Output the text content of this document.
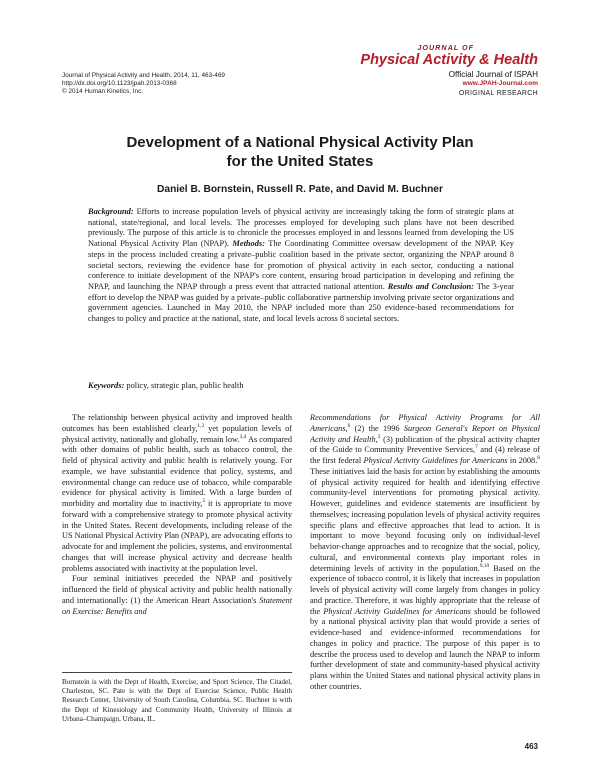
Journal of Physical Activity and Health, 2014, 11, 463-469
http://dx.doi.org/10.1123/jpah.2013-0368
© 2014 Human Kinetics, Inc.
JOURNAL OF
Physical Activity & Health
Official Journal of ISPAH
www.JPAH-Journal.com
ORIGINAL RESEARCH
Development of a National Physical Activity Plan
for the United States
Daniel B. Bornstein, Russell R. Pate, and David M. Buchner
Background: Efforts to increase population levels of physical activity are increasingly taking the form of strategic plans at national, state/regional, and local levels. The processes employed for developing such plans have not been described previously. The purpose of this article is to chronicle the processes employed in and lessons learned from developing the US National Physical Activity Plan (NPAP). Methods: The Coordinating Committee oversaw development of the NPAP. Key steps in the process included creating a private–public coalition based in the private sector, organizing the NPAP around 8 societal sectors, reviewing the evidence base for promotion of physical activity in each sector, conducting a national conference to initiate development of the NPAP's core content, ensuring broad participation in developing and refining the NPAP, and launching the NPAP through a press event that attracted national attention. Results and Conclusion: The 3-year effort to develop the NPAP was guided by a private–public collaborative partnership involving private sector organizations and government agencies. Launched in May 2010, the NPAP included more than 250 evidence-based recommendations for changes to policy and practice at the national, state, and local levels across 8 societal sectors.
Keywords: policy, strategic plan, public health

The relationship between physical activity and improved health outcomes has been established clearly,$^{1,2}$ yet population levels of physical activity, nationally and globally, remain low.$^{3,4}$ As compared with other domains of public health, such as tobacco control, the field of physical activity and public health is relatively young. For example, we have substantial evidence that policy, systems, and environmental change can reduce use of tobacco, while comparable evidence for physical activity is limited. With a large burden of morbidity and mortality due to inactivity,$^5$ it is appropriate to move forward with a comprehensive strategy to promote physical activity in the United States. Recent developments, including release of the US National Physical Activity Plan (NPAP), are advocating efforts to advocate for and implement the policies, systems, and environmental changes that will increase physical activity and decrease health problems associated with inactivity at the population level.

Four seminal initiatives preceded the NPAP and positively influenced the field of physical activity and public health nationally and internationally: (1) the American Heart Association's Statement on Exercise: Benefits and

Bornstein is with the Dept of Health, Exercise, and Sport Science, The Citadel, Charleston, SC. Pate is with the Dept of Exercise Science, Public Health Research Center, University of South Carolina, Columbia, SC. Buchner is with the Dept of Kinesiology and Community Health, University of Illinois at Urbana–Champaign, Urbana, IL.

Recommendations for Physical Activity Programs for All Americans,$^6$ (2) the 1996 Surgeon General's Report on Physical Activity and Health,$^2$ (3) publication of the physical activity chapter of the Guide to Community Preventive Services,$^7$ and (4) release of the first federal Physical Activity Guidelines for Americans in 2008.$^8$ These initiatives laid the basis for action by establishing the amounts of physical activity required for health and identifying effective community-level interventions for promoting physical activity. However, guidelines and evidence statements are insufficient by themselves; increasing population levels of physical activity requires specific plans and effective approaches that lead to action. It is important to move beyond focusing only on individual-level behavior-change approaches and to recognize that the social, policy, cultural, and environmental contexts play important roles in determining levels of activity in the population.$^{9,10}$ Based on the experience of tobacco control, it is likely that increases in population levels of physical activity will come largely from changes in policy and practice. Therefore, it was highly appropriate that the release of the Physical Activity Guidelines for Americans should be followed by a national physical activity plan that would provide a series of evidence-based and evidence-informed recommendations for changes in policy and practice. The purpose of this paper is to describe the process used to develop and launch the NPAP to inform further development of state and community-based physical activity plans within the United States and national physical activity plans in other countries.

463
